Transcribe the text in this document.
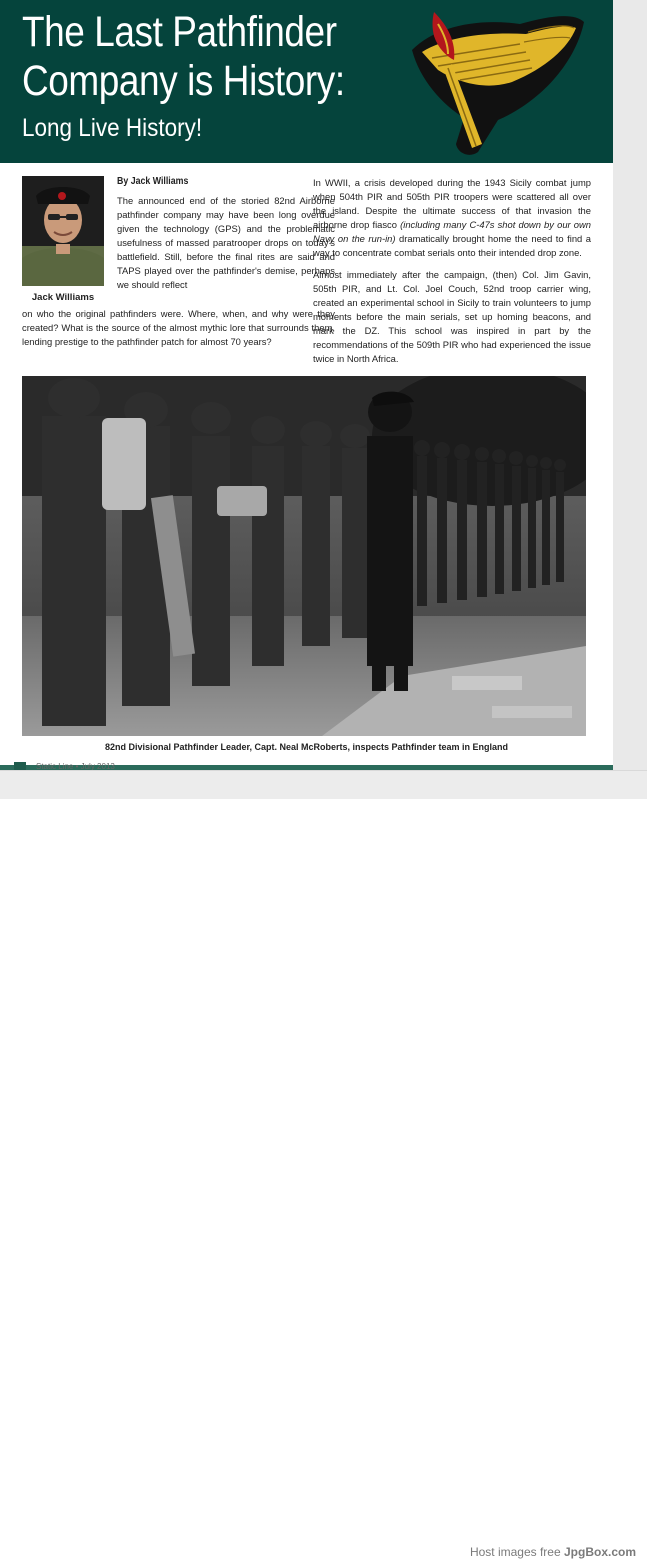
The Last Pathfinder
Company is History:
Long Live History!
Jack Williams
By Jack Williams

The announced end of the storied 82nd Airborne pathfinder company may have been long overdue given the technology (GPS) and the problematic usefulness of massed paratrooper drops on today's battlefield. Still, before the final rites are said and TAPS played over the pathfinder's demise, perhaps we should reflect

on who the original pathfinders were. Where, when, and why were they created? What is the source of the almost mythic lore that surrounds them, lending prestige to the pathfinder patch for almost 70 years?

In WWII, a crisis developed during the 1943 Sicily combat jump when 504th PIR and 505th PIR troopers were scattered all over the island. Despite the ultimate success of that invasion the airborne drop fiasco (including many C-47s shot down by our own Navy on the run-in) dramatically brought home the need to find a way to concentrate combat serials onto their intended drop zone.

Almost immediately after the campaign, (then) Col. Jim Gavin, 505th PIR, and Lt. Col. Joel Couch, 52nd troop carrier wing, created an experimental school in Sicily to train volunteers to jump moments before the main serials, set up homing beacons, and mark the DZ. This school was inspired in part by the recommendations of the 509th PIR who had experienced the issue twice in North Africa.

82nd Divisional Pathfinder Leader, Capt. Neal McRoberts, inspects Pathfinder team in England
Static Line • July 2013
Host images free JpgBox.com
